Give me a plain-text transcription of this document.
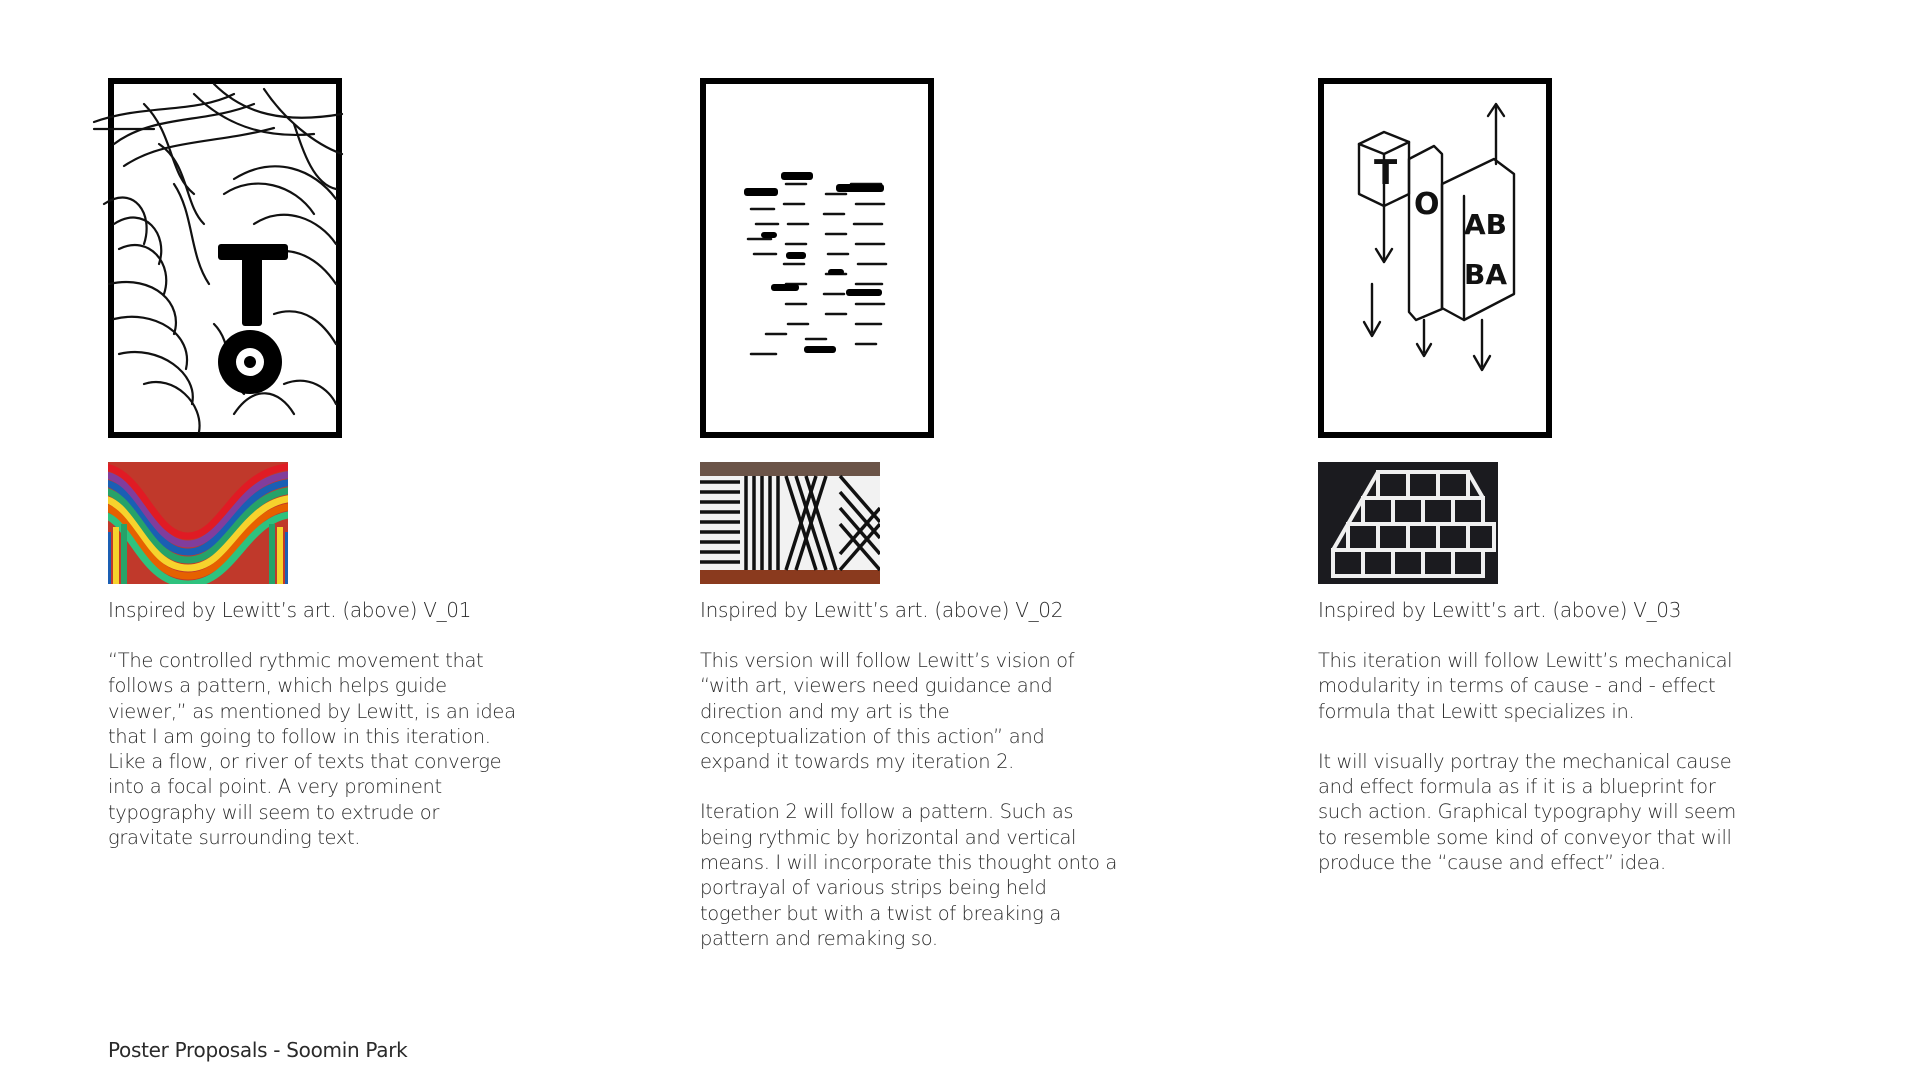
Inspired by Lewitt’s art. (above) V_01

“The controlled rythmic movement that follows a pattern, which helps guide viewer,” as mentioned by Lewitt, is an idea that I am going to follow in this iteration. Like a flow, or river of texts that converge into a focal point. A very prominent typography will seem to extrude or gravitate surrounding text.

Inspired by Lewitt’s art. (above) V_02

This version will follow Lewitt’s vision of “with art, viewers need guidance and direction and my art is the conceptualization of this action” and expand it towards my iteration 2.

Iteration 2 will follow a pattern. Such as being rythmic by horizontal and vertical means. I will incorporate this thought onto a portrayal of various strips being held together but with a twist of breaking a pattern and remaking so.

T
O
AB
BA
Inspired by Lewitt’s art. (above) V_03

This iteration will follow Lewitt’s mechanical modularity in terms of cause - and - effect formula that Lewitt specializes in.

It will visually portray the mechanical cause and effect formula as if it is a blueprint for such action. Graphical typography will seem to resemble some kind of conveyor that will produce the “cause and effect” idea.

Poster Proposals - Soomin Park
